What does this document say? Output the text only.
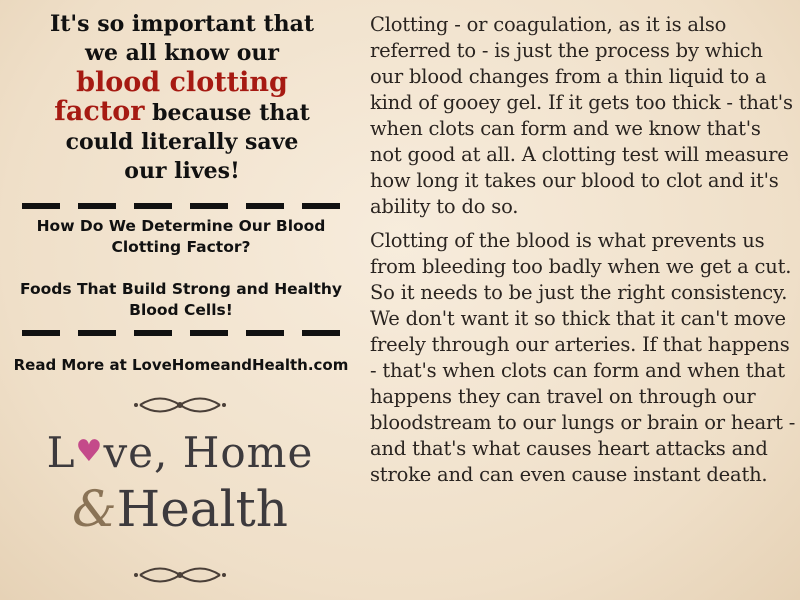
It's so important that
we all know our
blood clotting
factor because that
could literally save
our lives!
How Do We Determine Our Blood Clotting Factor?
Foods That Build Strong and Healthy Blood Cells!
Read More at LoveHomeandHealth.com
L♥ve, Home
&Health

Clotting - or coagulation, as it is also referred to - is just the process by which our blood changes from a thin liquid to a kind of gooey gel. If it gets too thick - that's when clots can form and we know that's not good at all. A clotting test will measure how long it takes our blood to clot and it's ability to do so.

Clotting of the blood is what prevents us from bleeding too badly when we get a cut. So it needs to be just the right consistency. We don't want it so thick that it can't move freely through our arteries. If that happens - that's when clots can form and when that happens they can travel on through our bloodstream to our lungs or brain or heart - and that's what causes heart attacks and stroke and can even cause instant death.
